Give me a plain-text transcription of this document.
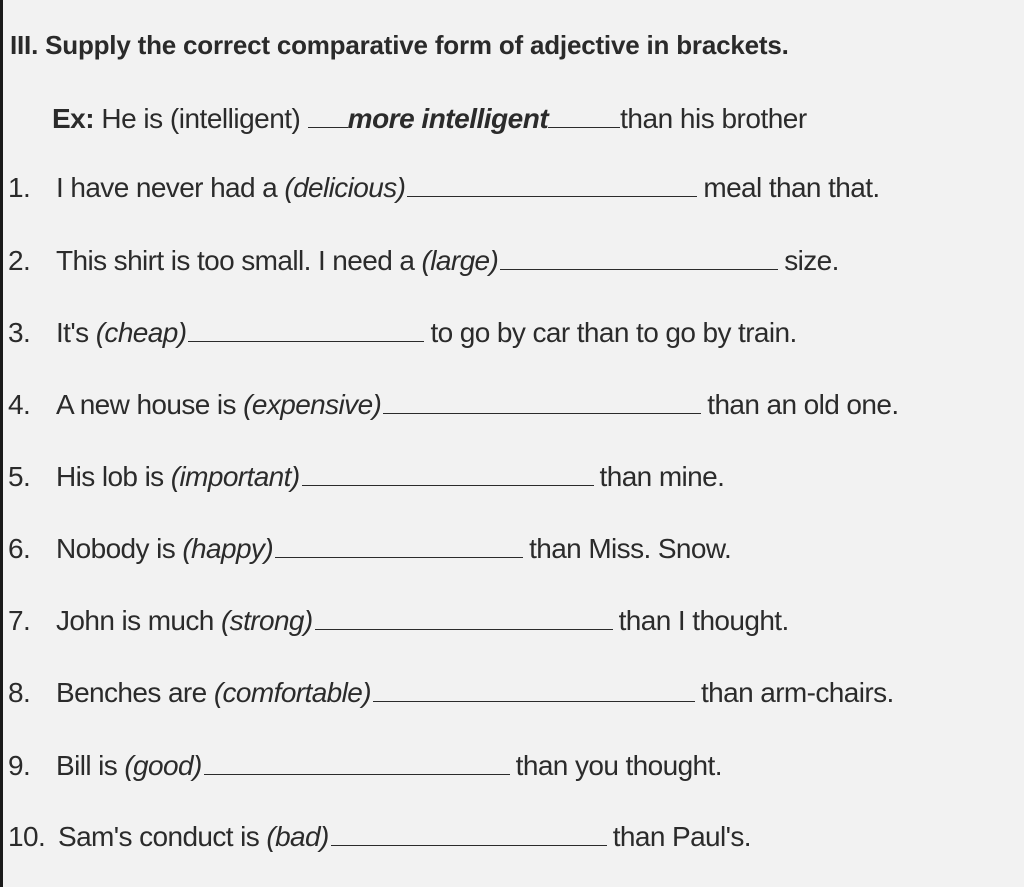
III. Supply the correct comparative form of adjective in brackets.
Ex: He is (intelligent) more intelligent	than his brother
1. I have never had a (delicious)	meal than that.
2. This shirt is too small. I need a (large)	size.
3. It's (cheap)	to go by car than to go by train.
4. A new house is (expensive)	than an old one.
5. His lob is (important)	than mine.
6. Nobody is (happy)	than Miss. Snow.
7. John is much (strong)	than I thought.
8. Benches are (comfortable)	than arm-chairs.
9. Bill is (good)	than you thought.
10. Sam's conduct is (bad)	than Paul's.
